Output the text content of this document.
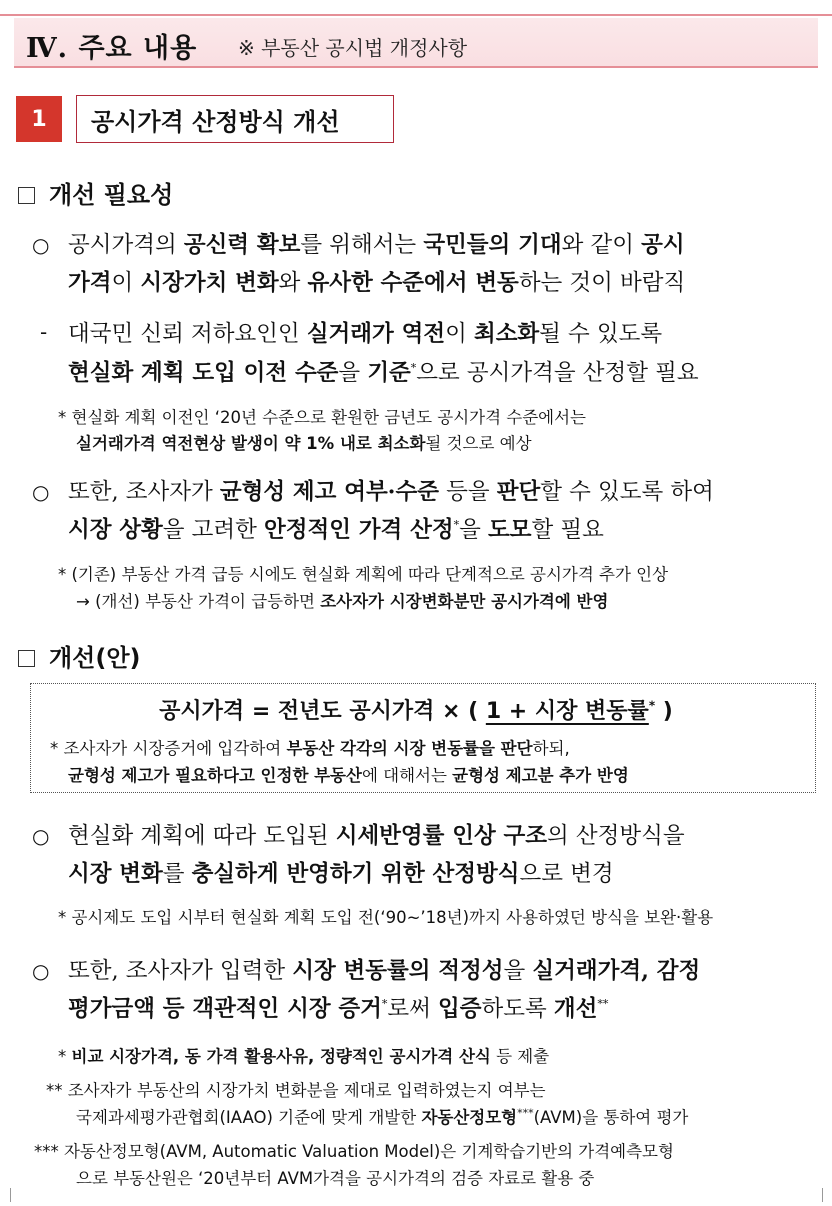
Ⅳ. 주요 내용 ※ 부동산 공시법 개정사항
1	공시가격 산정방식 개선
개선 필요성
○ 공시가격의 공신력 확보를 위해서는 국민들의 기대와 같이 공시
가격이 시장가치 변화와 유사한 수준에서 변동하는 것이 바람직
- 대국민 신뢰 저하요인인 실거래가 역전이 최소화될 수 있도록
현실화 계획 도입 이전 수준을 기준*으로 공시가격을 산정할 필요
* 현실화 계획 이전인 ‘20년 수준으로 환원한 금년도 공시가격 수준에서는
실거래가격 역전현상 발생이 약 1% 내로 최소화될 것으로 예상
○ 또한, 조사자가 균형성 제고 여부·수준 등을 판단할 수 있도록 하여
시장 상황을 고려한 안정적인 가격 산정*을 도모할 필요
* (기존) 부동산 가격 급등 시에도 현실화 계획에 따라 단계적으로 공시가격 추가 인상
→ (개선) 부동산 가격이 급등하면 조사자가 시장변화분만 공시가격에 반영
개선(안)
공시가격 = 전년도 공시가격 × ( 1 + 시장 변동률* )
* 조사자가 시장증거에 입각하여 부동산 각각의 시장 변동률을 판단하되,
균형성 제고가 필요하다고 인정한 부동산에 대해서는 균형성 제고분 추가 반영
○ 현실화 계획에 따라 도입된 시세반영률 인상 구조의 산정방식을
시장 변화를 충실하게 반영하기 위한 산정방식으로 변경
* 공시제도 도입 시부터 현실화 계획 도입 전(‘90~’18년)까지 사용하였던 방식을 보완·활용
○ 또한, 조사자가 입력한 시장 변동률의 적정성을 실거래가격, 감정
평가금액 등 객관적인 시장 증거*로써 입증하도록 개선**
* 비교 시장가격, 동 가격 활용사유, 정량적인 공시가격 산식 등 제출
** 조사자가 부동산의 시장가치 변화분을 제대로 입력하였는지 여부는
국제과세평가관협회(IAAO) 기준에 맞게 개발한 자동산정모형***(AVM)을 통하여 평가
*** 자동산정모형(AVM, Automatic Valuation Model)은 기계학습기반의 가격예측모형
으로 부동산원은 ‘20년부터 AVM가격을 공시가격의 검증 자료로 활용 중
